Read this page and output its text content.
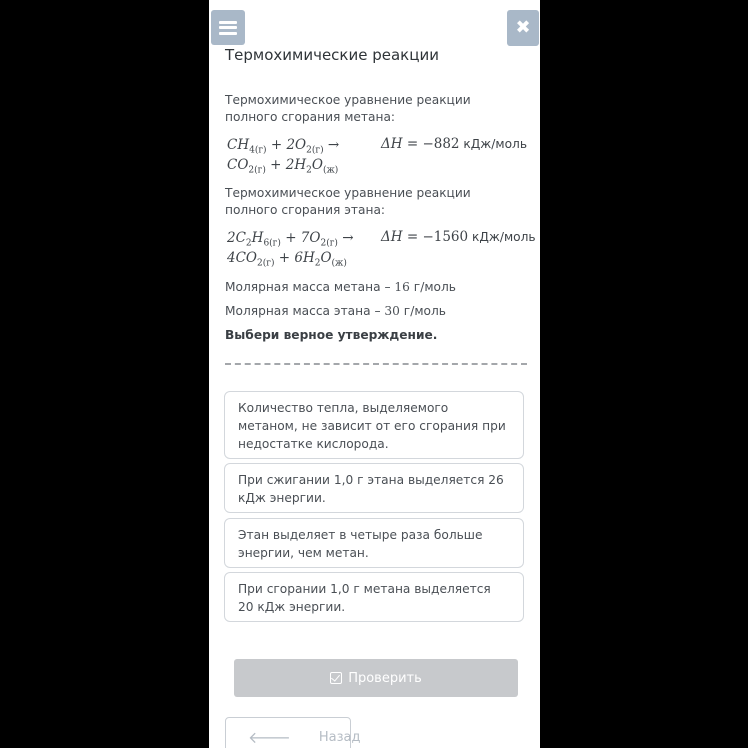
✖
Термохимические реакции
Термохимическое уравнение реакции полного сгорания метана:
$CH_{4(г)} + 2O_{2(г)}$ →	ΔH = −882 кДж/моль
$CO_{2(г)} + 2H_2O_{(ж)}$
Термохимическое уравнение реакции полного сгорания этана:
$2C_2H_{6(г)} + 7O_{2(г)} \to \Delta H = -1560$ кДж/моль
$4CO_{2(г)} + 6H_2O_{(ж)}$
Молярная масса метана – 16 г/моль
Молярная масса этана – 30 г/моль
Выбери верное утверждение.
Количество тепла, выделяемого метаном, не зависит от его сгорания при недостатке кислорода.
При сжигании 1,0 г этана выделяется 26 кДж энергии.
Этан выделяет в четыре раза больше энергии, чем метан.
При сгорании 1,0 г метана выделяется 20 кДж энергии.
Проверить
🡐 Назад
